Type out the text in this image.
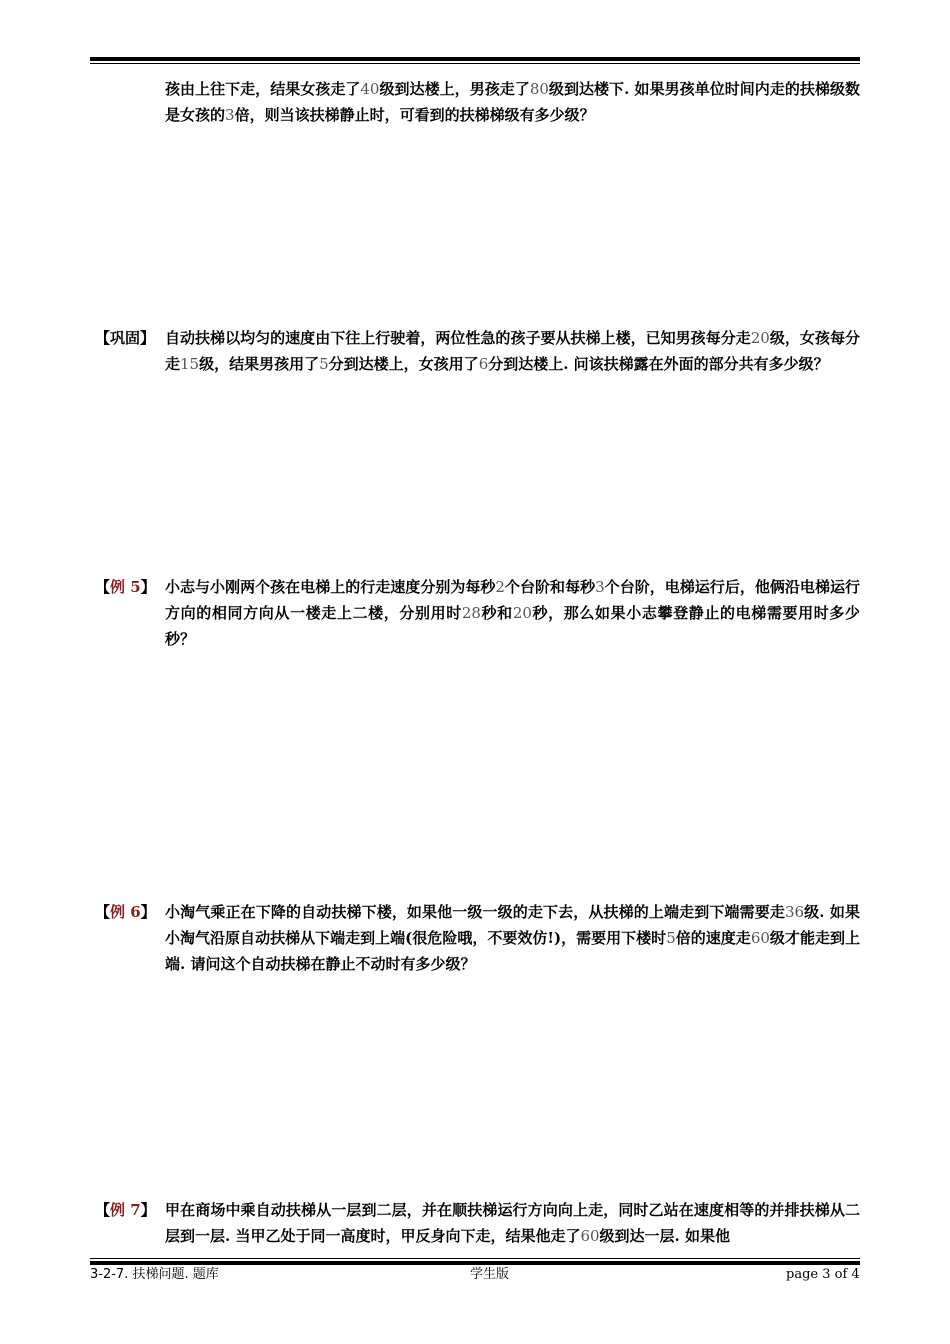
孩由上往下走，结果女孩走了40级到达楼上，男孩走了80级到达楼下. 如果男孩单位时间内走的扶梯级数是女孩的3倍，则当该扶梯静止时，可看到的扶梯梯级有多少级？
【巩固】 自动扶梯以均匀的速度由下往上行驶着，两位性急的孩子要从扶梯上楼，已知男孩每分走20级，女孩每分走15级，结果男孩用了5分到达楼上，女孩用了6分到达楼上. 问该扶梯露在外面的部分共有多少级？
【例 5】 小志与小刚两个孩在电梯上的行走速度分别为每秒2个台阶和每秒3个台阶，电梯运行后，他俩沿电梯运行方向的相同方向从一楼走上二楼，分别用时28秒和20秒，那么如果小志攀登静止的电梯需要用时多少秒？
【例 6】 小淘气乘正在下降的自动扶梯下楼，如果他一级一级的走下去，从扶梯的上端走到下端需要走36级. 如果小淘气沿原自动扶梯从下端走到上端(很危险哦，不要效仿!)，需要用下楼时5倍的速度走60级才能走到上端. 请问这个自动扶梯在静止不动时有多少级？
【例 7】 甲在商场中乘自动扶梯从一层到二层，并在顺扶梯运行方向向上走，同时乙站在速度相等的并排扶梯从二层到一层. 当甲乙处于同一高度时，甲反身向下走，结果他走了60级到达一层. 如果他
3-2-7. 扶梯问题. 题库	学生版	page 3 of 4
